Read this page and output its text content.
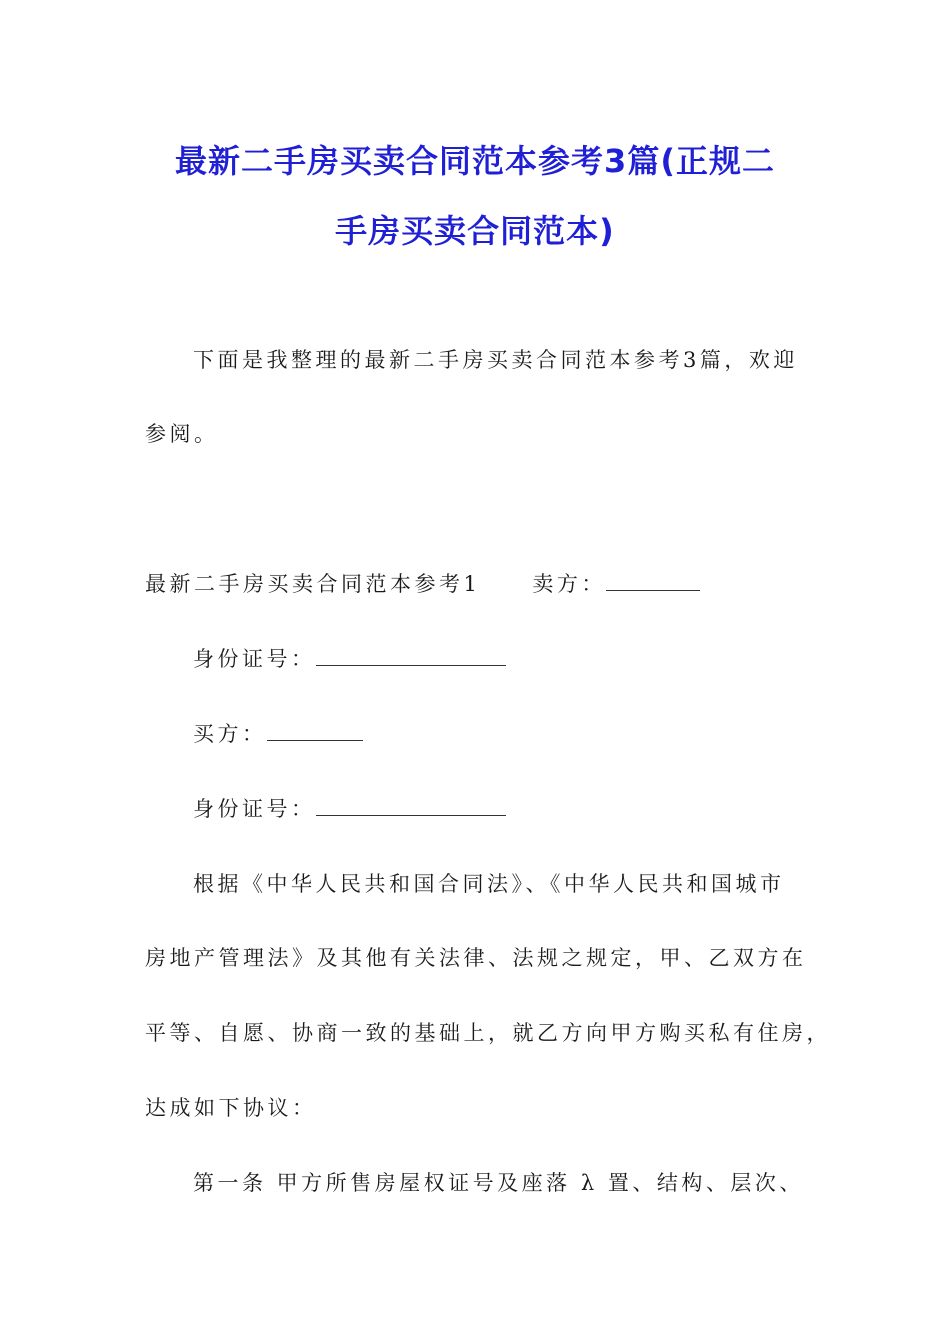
最新二手房买卖合同范本参考3篇(正规二
手房买卖合同范本)
下面是我整理的最新二手房买卖合同范本参考3篇，欢迎
参阅。
最新二手房买卖合同范本参考1 卖方：
身份证号：
买方：
身份证号：
根据《中华人民共和国合同法》、《中华人民共和国城市
房地产管理法》及其他有关法律、法规之规定，甲、乙双方在
平等、自愿、协商一致的基础上，就乙方向甲方购买私有住房，
达成如下协议：
第一条 甲方所售房屋权证号及座落 λ 置、结构、层次、
